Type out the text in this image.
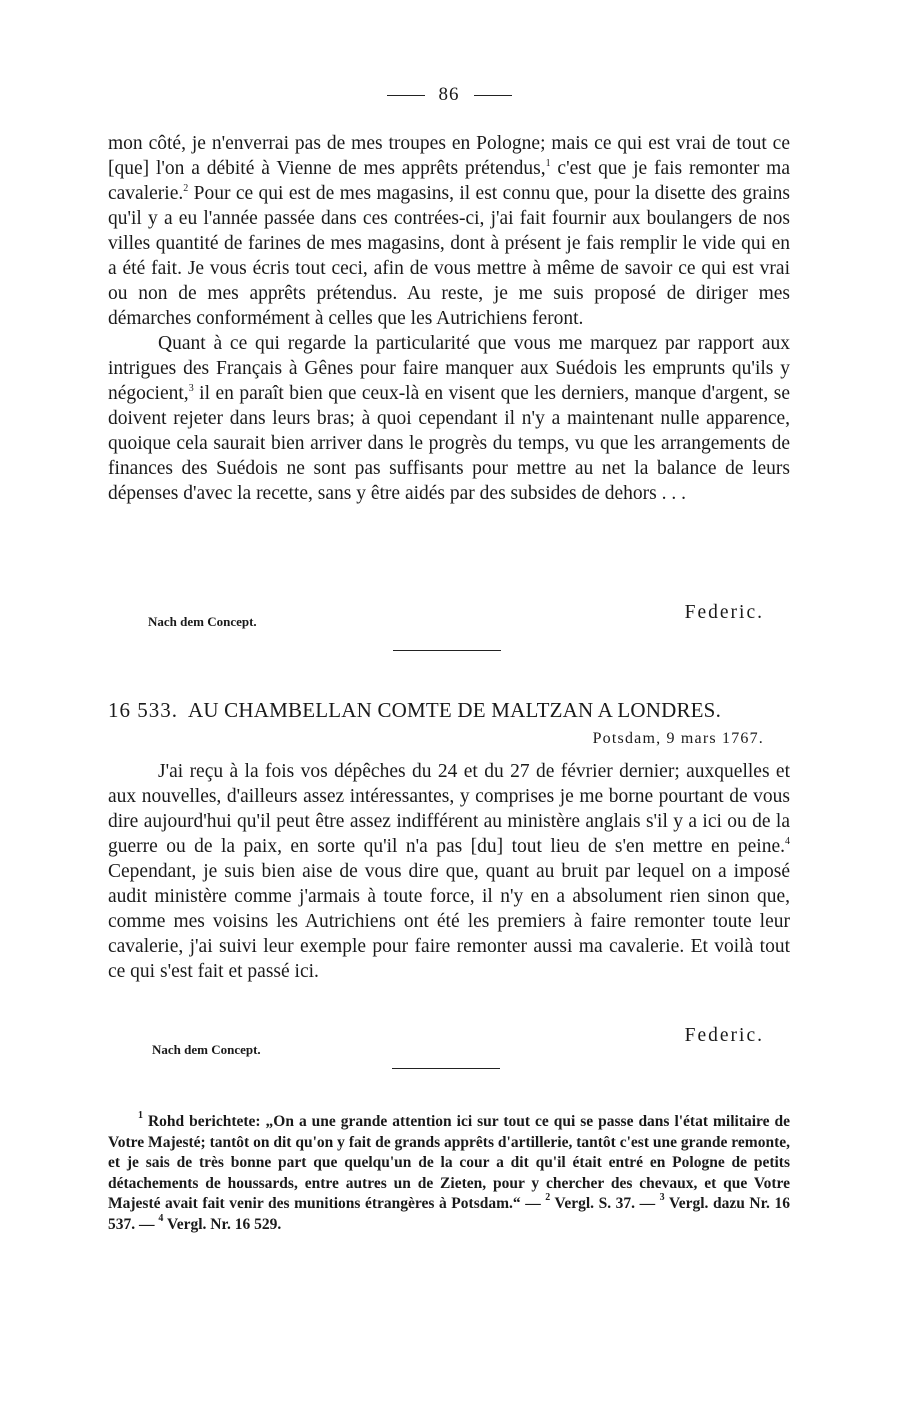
86

mon côté, je n'enverrai pas de mes troupes en Pologne; mais ce qui est vrai de tout ce [que] l'on a débité à Vienne de mes apprêts prétendus,$^1$ c'est que je fais remonter ma cavalerie.$^2$ Pour ce qui est de mes magasins, il est connu que, pour la disette des grains qu'il y a eu l'année passée dans ces contrées-ci, j'ai fait fournir aux boulangers de nos villes quantité de farines de mes magasins, dont à présent je fais remplir le vide qui en a été fait. Je vous écris tout ceci, afin de vous mettre à même de savoir ce qui est vrai ou non de mes apprêts prétendus. Au reste, je me suis proposé de diriger mes démarches conformément à celles que les Autrichiens feront.

Quant à ce qui regarde la particularité que vous me marquez par rapport aux intrigues des Français à Gênes pour faire manquer aux Suédois les emprunts qu'ils y négocient,$^3$ il en paraît bien que ceux-là en visent que les derniers, manque d'argent, se doivent rejeter dans leurs bras; à quoi cependant il n'y a maintenant nulle apparence, quoique cela saurait bien arriver dans le progrès du temps, vu que les arrangements de finances des Suédois ne sont pas suffisants pour mettre au net la balance de leurs dépenses d'avec la recette, sans y être aidés par des subsides de dehors . . .

Nach dem Concept.	Federic.
16 533. AU CHAMBELLAN COMTE DE MALTZAN A LONDRES.
Potsdam, 9 mars 1767.

J'ai reçu à la fois vos dépêches du 24 et du 27 de février dernier; auxquelles et aux nouvelles, d'ailleurs assez intéressantes, y comprises je me borne pourtant de vous dire aujourd'hui qu'il peut être assez indifférent au ministère anglais s'il y a ici ou de la guerre ou de la paix, en sorte qu'il n'a pas [du] tout lieu de s'en mettre en peine.$^4$ Cependant, je suis bien aise de vous dire que, quant au bruit par lequel on a imposé audit ministère comme j'armais à toute force, il n'y en a absolument rien sinon que, comme mes voisins les Autrichiens ont été les premiers à faire remonter toute leur cavalerie, j'ai suivi leur exemple pour faire remonter aussi ma cavalerie. Et voilà tout ce qui s'est fait et passé ici.

Nach dem Concept.
Federic.

$^1$ Rohd berichtete: „On a une grande attention ici sur tout ce qui se passe dans l'état militaire de Votre Majesté; tantôt on dit qu'on y fait de grands apprêts d'artillerie, tantôt c'est une grande remonte, et je sais de très bonne part que quelqu'un de la cour a dit qu'il était entré en Pologne de petits détachements de houssards, entre autres un de Zieten, pour y chercher des chevaux, et que Votre Majesté avait fait venir des munitions étrangères à Potsdam.“ — $^2$ Vergl. S. 37. — $^3$ Vergl. dazu Nr. 16 537. — $^4$ Vergl. Nr. 16 529.
